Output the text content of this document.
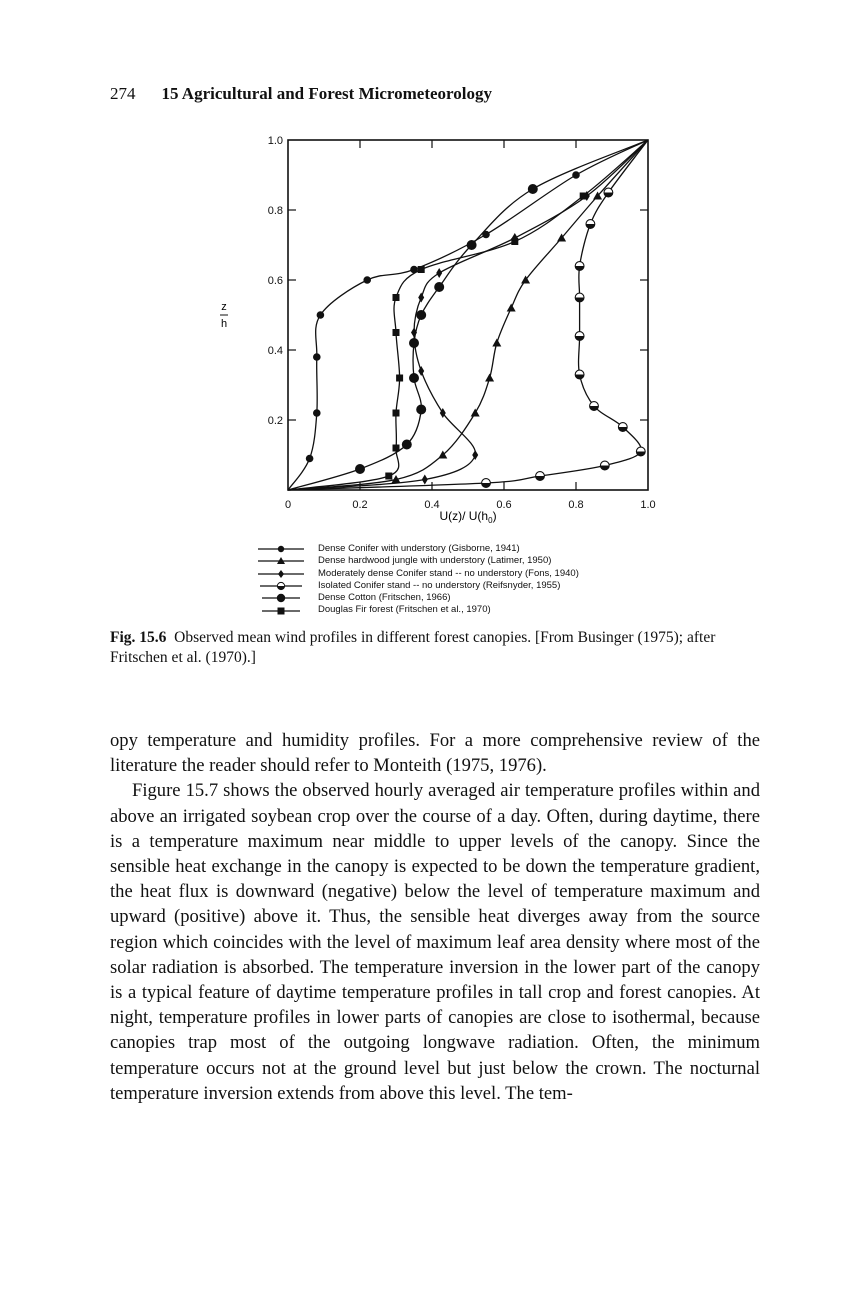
274 15 Agricultural and Forest Micrometeorology
0	0.2	0.4	0.6	0.8	1.0
0.2
0.4
0.6
0.8
1.0
z
h
U(z)/ $U(h_0)$
Dense Conifer with understory (Gisborne, 1941)
Dense hardwood jungle with understory (Latimer, 1950)
Moderately dense Conifer stand -- no understory (Fons, 1940)
Isolated Conifer stand -- no understory (Reifsnyder, 1955)
Dense Cotton (Fritschen, 1966)
Douglas Fir forest (Fritschen et al., 1970)
Fig. 15.6 Observed mean wind profiles in different forest canopies. [From Businger (1975); after Fritschen et al. (1970).]

opy temperature and humidity profiles. For a more comprehensive review of the literature the reader should refer to Monteith (1975, 1976).

Figure 15.7 shows the observed hourly averaged air temperature profiles within and above an irrigated soybean crop over the course of a day. Often, during daytime, there is a temperature maximum near middle to upper levels of the canopy. Since the sensible heat exchange in the canopy is expected to be down the temperature gradient, the heat flux is downward (negative) below the level of temperature maximum and upward (positive) above it. Thus, the sensible heat diverges away from the source region which coincides with the level of maximum leaf area density where most of the solar radiation is absorbed. The temperature inversion in the lower part of the canopy is a typical feature of daytime temperature profiles in tall crop and forest canopies. At night, temperature profiles in lower parts of canopies are close to isothermal, because canopies trap most of the outgoing longwave radiation. Often, the minimum temperature occurs not at the ground level but just below the crown. The nocturnal temperature inversion extends from above this level. The tem-
